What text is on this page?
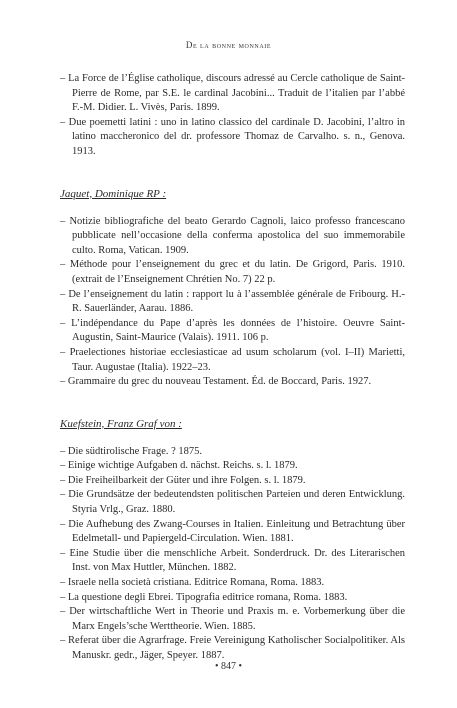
De la bonne monnaie

– La Force de l’Église catholique, discours adressé au Cercle catholique de Saint-Pierre de Rome, par S.E. le cardinal Jacobini... Traduit de l’italien par l’abbé F.-M. Didier. L. Vivès, Paris. 1899.

– Due poemetti latini : uno in latino classico del cardinale D. Jacobini, l’altro in latino maccheronico del dr. professore Thomaz de Carvalho. s. n., Genova. 1913.

Jaquet, Dominique RP :

– Notizie bibliografiche del beato Gerardo Cagnoli, laico professo francescano pubblicate nell’occasione della conferma apostolica del suo immemorabile culto. Roma, Vatican. 1909.

– Méthode pour l’enseignement du grec et du latin. De Grigord, Paris. 1910. (extrait de l’Enseignement Chrétien No. 7) 22 p.

– De l’enseignement du latin : rapport lu à l’assemblée générale de Fribourg. H.-R. Sauerländer, Aarau. 1886.

– L’indépendance du Pape d’après les données de l’histoire. Oeuvre Saint-Augustin, Saint-Maurice (Valais). 1911. 106 p.

– Praelectiones historiae ecclesiasticae ad usum scholarum (vol. I–II) Marietti, Taur. Augustae (Italia). 1922–23.

– Grammaire du grec du nouveau Testament. Éd. de Boccard, Paris. 1927.

Kuefstein, Franz Graf von :

– Die südtirolische Frage. ? 1875.

– Einige wichtige Aufgaben d. nächst. Reichs. s. l. 1879.

– Die Freiheilbarkeit der Güter und ihre Folgen. s. l. 1879.

– Die Grundsätze der bedeutendsten politischen Parteien und deren Entwicklung. Styria Vrlg., Graz. 1880.

– Die Aufhebung des Zwang-Courses in Italien. Einleitung und Betrachtung über Edelmetall- und Papiergeld-Circulation. Wien. 1881.

– Eine Studie über die menschliche Arbeit. Sonderdruck. Dr. des Literarischen Inst. von Max Huttler, München. 1882.

– Israele nella società cristiana. Editrice Romana, Roma. 1883.

– La questione degli Ebrei. Tipografia editrice romana, Roma. 1883.

– Der wirtschaftliche Wert in Theorie und Praxis m. e. Vorbemerkung über die Marx Engels’sche Werttheorie. Wien. 1885.

– Referat über die Agrarfrage. Freie Vereinigung Katholischer Socialpolitiker. Als Manuskr. gedr., Jäger, Speyer. 1887.

• 847 •
